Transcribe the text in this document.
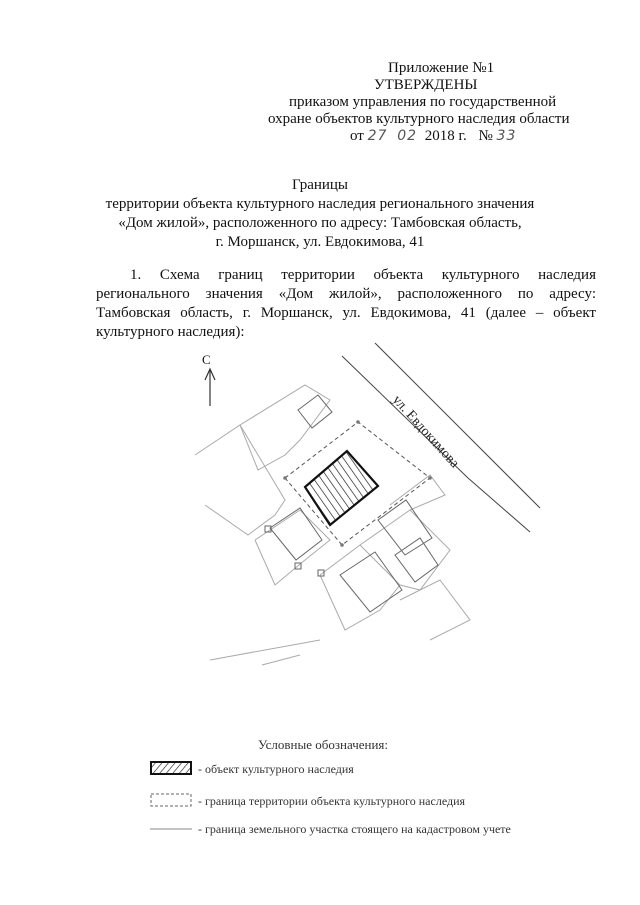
Приложение №1
УТВЕРЖДЕНЫ
приказом управления по государственной
охране объектов культурного наследия области
от 27 02 2018 г. № 33
Границы
территории объекта культурного наследия регионального значения
«Дом жилой», расположенного по адресу: Тамбовская область,
г. Моршанск, ул. Евдокимова, 41
1. Схема границ территории объекта культурного наследия
регионального значения «Дом жилой», расположенного по адресу:
Тамбовская область, г. Моршанск, ул. Евдокимова, 41 (далее – объект
культурного наследия):
С
ул. Евдокимова
Условные обозначения:
- объект культурного наследия
- граница территории объекта культурного наследия
- граница земельного участка стоящего на кадастровом учете
